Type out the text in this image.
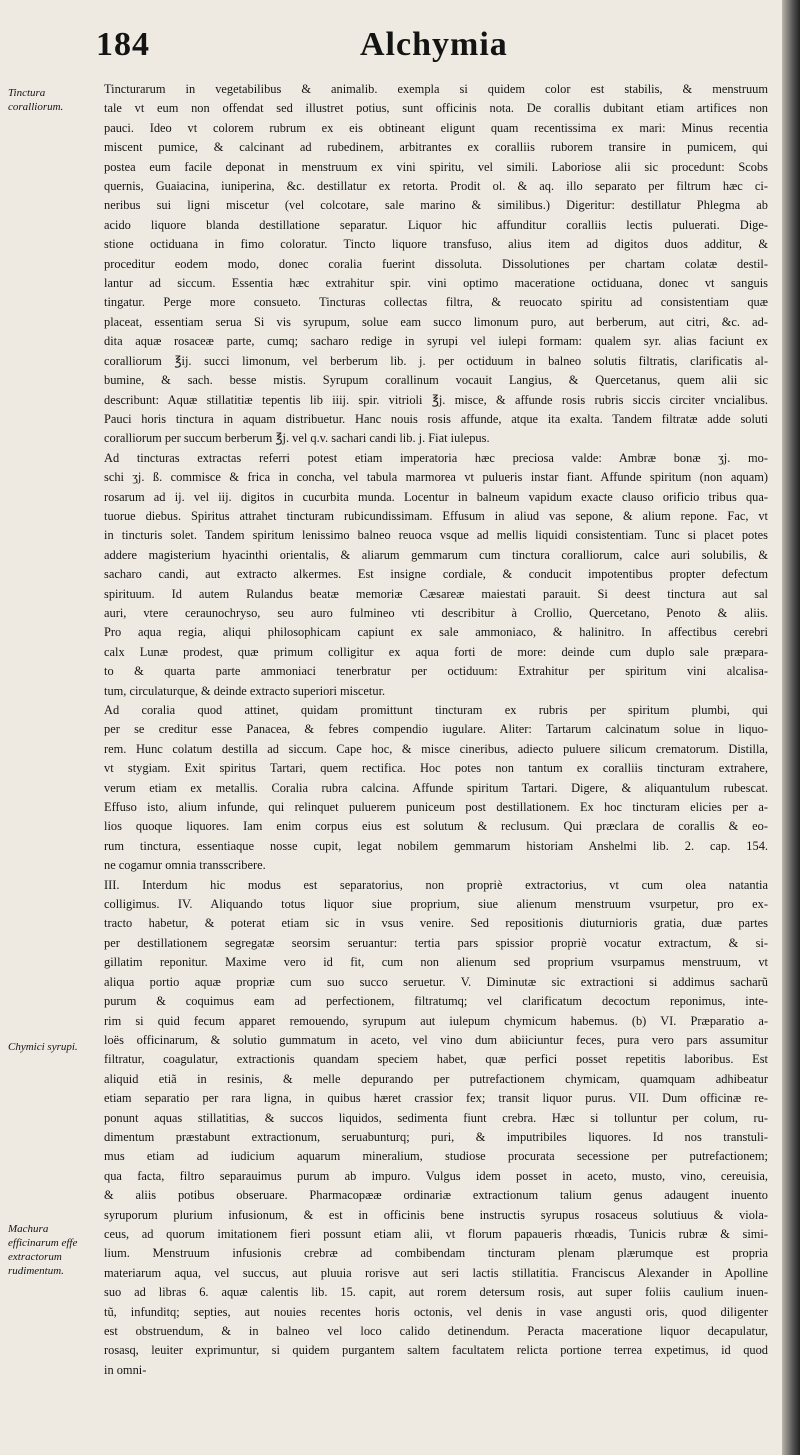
184	Alchymia
Tinctura coralliorum.
Chymici syrupi.
Machura efficinarum effe extractorum rudimentum.
Tincturarum in vegetabilibus & animalib. exempla si quidem color est stabilis, & menstruum
tale vt eum non offendat sed illustret potius, sunt officinis nota. De corallis dubitant etiam artifices non
pauci. Ideo vt colorem rubrum ex eis obtineant eligunt quam recentissima ex mari: Minus recentia
miscent pumice, & calcinant ad rubedinem, arbitrantes ex coralliis ruborem transire in pumicem, qui
postea eum facile deponat in menstruum ex vini spiritu, vel simili. Laboriose alii sic procedunt: Scobs
quernis, Guaiacina, iuniperina, &c. destillatur ex retorta. Prodit ol. & aq. illo separato per filtrum hæc ci-
neribus sui ligni miscetur (vel colcotare, sale marino & similibus.) Digeritur: destillatur Phlegma ab
acido liquore blanda destillatione separatur. Liquor hic affunditur coralliis lectis puluerati. Dige-
stione octiduana in fimo coloratur. Tincto liquore transfuso, alius item ad digitos duos additur, &
proceditur eodem modo, donec coralia fuerint dissoluta. Dissolutiones per chartam colatæ destil-
lantur ad siccum. Essentia hæc extrahitur spir. vini optimo maceratione octiduana, donec vt sanguis
tingatur. Perge more consueto. Tincturas collectas filtra, & reuocato spiritu ad consistentiam quæ
placeat, essentiam serua Si vis syrupum, solue eam succo limonum puro, aut berberum, aut citri, &c. ad-
dita aquæ rosaceæ parte, cumq; sacharo redige in syrupi vel iulepi formam: qualem syr. alias faciunt ex
coralliorum ℥ij. succi limonum, vel berberum lib. j. per octiduum in balneo solutis filtratis, clarificatis al-
bumine, & sach. besse mistis. Syrupum corallinum vocauit Langius, & Quercetanus, quem alii sic
describunt: Aquæ stillatitiæ tepentis lib iiij. spir. vitrioli ℥j. misce, & affunde rosis rubris siccis circiter vncialibus.
Pauci horis tinctura in aquam distribuetur. Hanc nouis rosis affunde, atque ita exalta. Tandem filtratæ adde soluti
coralliorum per succum berberum ℥j. vel q.v. sachari candi lib. j. Fiat iulepus.
Ad tincturas extractas referri potest etiam imperatoria hæc preciosa valde: Ambræ bonæ ʒj. mo-
schi ʒj. ß. commisce & frica in concha, vel tabula marmorea vt pulueris instar fiant. Affunde spiritum (non aquam)
rosarum ad ij. vel iij. digitos in cucurbita munda. Locentur in balneum vapidum exacte clauso orificio tribus qua-
tuorue diebus. Spiritus attrahet tincturam rubicundissimam. Effusum in aliud vas sepone, & alium repone. Fac, vt
in tincturis solet. Tandem spiritum lenissimo balneo reuoca vsque ad mellis liquidi consistentiam. Tunc si placet potes
addere magisterium hyacinthi orientalis, & aliarum gemmarum cum tinctura coralliorum, calce auri solubilis, &
sacharo candi, aut extracto alkermes. Est insigne cordiale, & conducit impotentibus propter defectum
spirituum. Id autem Rulandus beatæ memoriæ Cæsareæ maiestati parauit. Si deest tinctura aut sal
auri, vtere ceraunochryso, seu auro fulmineo vti describitur à Crollio, Quercetano, Penoto & aliis.
Pro aqua regia, aliqui philosophicam capiunt ex sale ammoniaco, & halinitro. In affectibus cerebri
calx Lunæ prodest, quæ primum colligitur ex aqua forti de more: deinde cum duplo sale præpara-
to & quarta parte ammoniaci tenerbratur per octiduum: Extrahitur per spiritum vini alcalisa-
tum, circulaturque, & deinde extracto superiori miscetur.
Ad coralia quod attinet, quidam promittunt tincturam ex rubris per spiritum plumbi, qui
per se creditur esse Panacea, & febres compendio iugulare. Aliter: Tartarum calcinatum solue in liquo-
rem. Hunc colatum destilla ad siccum. Cape hoc, & misce cineribus, adiecto puluere silicum crematorum. Distilla,
vt stygiam. Exit spiritus Tartari, quem rectifica. Hoc potes non tantum ex coralliis tincturam extrahere,
verum etiam ex metallis. Coralia rubra calcina. Affunde spiritum Tartari. Digere, & aliquantulum rubescat.
Effuso isto, alium infunde, qui relinquet puluerem puniceum post destillationem. Ex hoc tincturam elicies per a-
lios quoque liquores. Iam enim corpus eius est solutum & reclusum. Qui præclara de corallis & eo-
rum tinctura, essentiaque nosse cupit, legat nobilem gemmarum historiam Anshelmi lib. 2. cap. 154.
ne cogamur omnia transscribere.
III. Interdum hic modus est separatorius, non propriè extractorius, vt cum olea natantia
colligimus. IV. Aliquando totus liquor siue proprium, siue alienum menstruum vsurpetur, pro ex-
tracto habetur, & poterat etiam sic in vsus venire. Sed repositionis diuturnioris gratia, duæ partes
per destillationem segregatæ seorsim seruantur: tertia pars spissior propriè vocatur extractum, & si-
gillatim reponitur. Maxime vero id fit, cum non alienum sed proprium vsurpamus menstruum, vt
aliqua portio aquæ propriæ cum suo succo seruetur. V. Diminutæ sic extractioni si addimus sacharũ
purum & coquimus eam ad perfectionem, filtratumq; vel clarificatum decoctum reponimus, inte-
rim si quid fecum apparet remouendo, syrupum aut iulepum chymicum habemus. (b) VI. Præparatio a-
loës officinarum, & solutio gummatum in aceto, vel vino dum abiiciuntur feces, pura vero pars assumitur
filtratur, coagulatur, extractionis quandam speciem habet, quæ perfici posset repetitis laboribus. Est
aliquid etiã in resinis, & melle depurando per putrefactionem chymicam, quamquam adhibeatur
etiam separatio per rara ligna, in quibus hæret crassior fex; transit liquor purus. VII. Dum officinæ re-
ponunt aquas stillatitias, & succos liquidos, sedimenta fiunt crebra. Hæc si tolluntur per colum, ru-
dimentum præstabunt extractionum, seruabunturq; puri, & imputribiles liquores. Id nos transtuli-
mus etiam ad iudicium aquarum mineralium, studiose procurata secessione per putrefactionem;
qua facta, filtro separauimus purum ab impuro. Vulgus idem posset in aceto, musto, vino, cereuisia,
& aliis potibus obseruare. Pharmacopææ ordinariæ extractionum talium genus adaugent inuento
syruporum plurium infusionum, & est in officinis bene instructis syrupus rosaceus solutiuus & viola-
ceus, ad quorum imitationem fieri possunt etiam alii, vt florum papaueris rhœadis, Tunicis rubræ & simi-
lium. Menstruum infusionis crebræ ad combibendam tincturam plenam plærumque est propria
materiarum aqua, vel succus, aut pluuia rorisve aut seri lactis stillatitia. Franciscus Alexander in Apolline
suo ad libras 6. aquæ calentis lib. 15. capit, aut rorem detersum rosis, aut super foliis caulium inuen-
tũ, infunditq; septies, aut nouies recentes horis octonis, vel denis in vase angusti oris, quod diligenter
est obstruendum, & in balneo vel loco calido detinendum. Peracta maceratione liquor decapulatur,
rosasq, leuiter exprimuntur, si quidem purgantem saltem facultatem relicta portione terrea expetimus, id quod
in omni-
